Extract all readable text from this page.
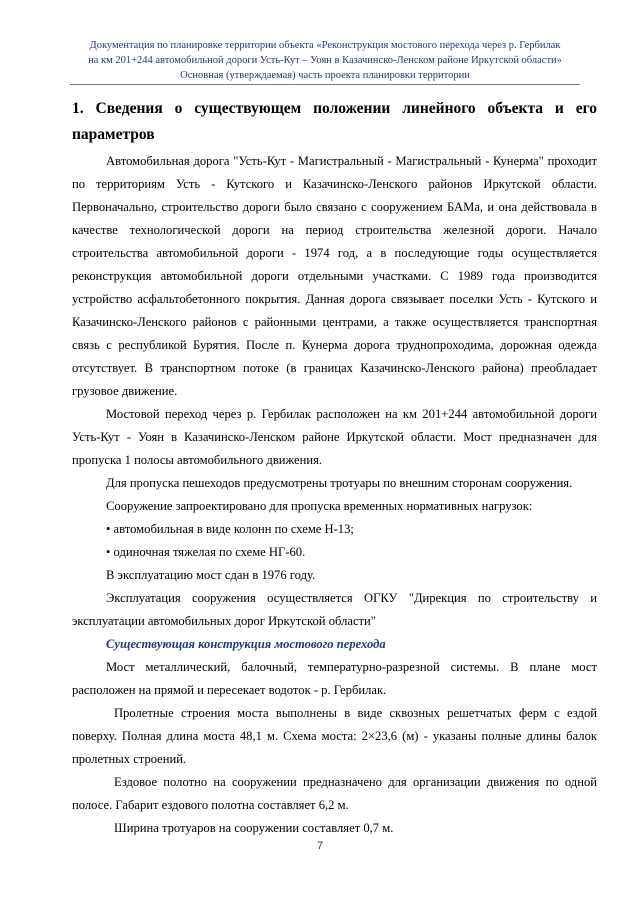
Документация по планировке территории объекта «Реконструкция мостового перехода через р. Гербилак
на км 201+244 автомобильной дороги Усть-Кут – Уоян в Казачинско-Ленском районе Иркутской области»
Основная (утверждаемая) часть проекта планировки территории
1. Сведения о существующем положении линейного объекта и его параметров

Автомобильная дорога "Усть-Кут - Магистральный - Магистральный - Кунерма" проходит по территориям Усть - Кутского и Казачинско-Ленского районов Иркутской области. Первоначально, строительство дороги было связано с сооружением БАМа, и она действовала в качестве технологической дороги на период строительства железной дороги. Начало строительства автомобильной дороги - 1974 год, а в последующие годы осуществляется реконструкция автомобильной дороги отдельными участками. С 1989 года производится устройство асфальтобетонного покрытия. Данная дорога связывает поселки Усть - Кутского и Казачинско-Ленского районов с районными центрами, а также осуществляется транспортная связь с республикой Бурятия. После п. Кунерма дорога труднопроходима, дорожная одежда отсутствует. В транспортном потоке (в границах Казачинско-Ленского района) преобладает грузовое движение.

Мостовой переход через р. Гербилак расположен на км 201+244 автомобильной дороги Усть-Кут - Уоян в Казачинско-Ленском районе Иркутской области. Мост предназначен для пропуска 1 полосы автомобильного движения.

Для пропуска пешеходов предусмотрены тротуары по внешним сторонам сооружения.

Сооружение запроектировано для пропуска временных нормативных нагрузок:

• автомобильная в виде колонн по схеме Н-13;

• одиночная тяжелая по схеме НГ-60.

В эксплуатацию мост сдан в 1976 году.

Эксплуатация сооружения осуществляется ОГКУ "Дирекция по строительству и эксплуатации автомобильных дорог Иркутской области"

Существующая конструкция мостового перехода

Мост металлический, балочный, температурно-разрезной системы. В плане мост расположен на прямой и пересекает водоток - р. Гербилак.

Пролетные строения моста выполнены в виде сквозных решетчатых ферм с ездой поверху. Полная длина моста 48,1 м. Схема моста: 2×23,6 (м) - указаны полные длины балок пролетных строений.

Ездовое полотно на сооружении предназначено для организации движения по одной полосе. Габарит ездового полотна составляет 6,2 м.

Ширина тротуаров на сооружении составляет 0,7 м.

7
